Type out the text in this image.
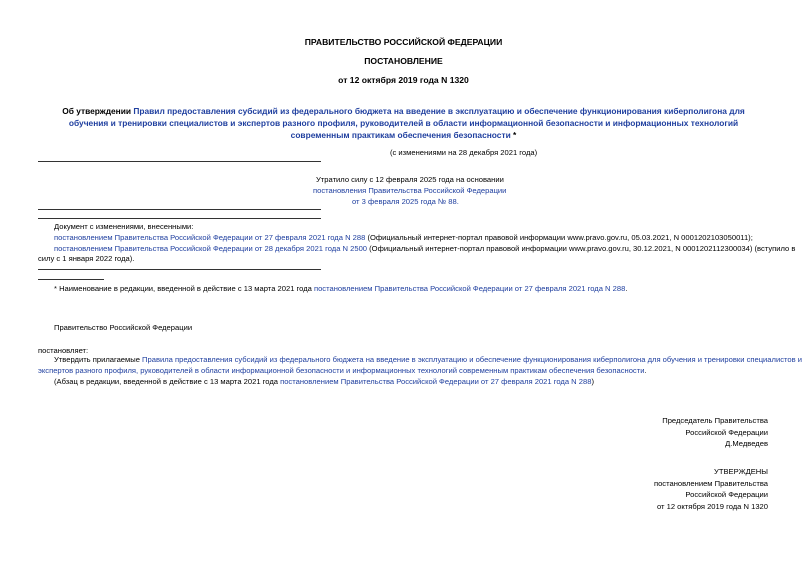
ПРАВИТЕЛЬСТВО РОССИЙСКОЙ ФЕДЕРАЦИИ
ПОСТАНОВЛЕНИЕ
от 12 октября 2019 года N 1320
Об утверждении Правил предоставления субсидий из федерального бюджета на введение в эксплуатацию и обеспечение функционирования киберполигона для
обучения и тренировки специалистов и экспертов разного профиля, руководителей в области информационной безопасности и информационных технологий
современным практикам обеспечения безопасности *
(с изменениями на 28 декабря 2021 года)
Утратило силу с 12 февраля 2025 года на основании
постановления Правительства Российской Федерации
от 3 февраля 2025 года № 88.
Документ с изменениями, внесенными:
постановлением Правительства Российской Федерации от 27 февраля 2021 года N 288 (Официальный интернет-портал правовой информации www.pravo.gov.ru, 05.03.2021, N 0001202103050011);
постановлением Правительства Российской Федерации от 28 декабря 2021 года N 2500 (Официальный интернет-портал правовой информации www.pravo.gov.ru, 30.12.2021, N 0001202112300034) (вступило в
силу с 1 января 2022 года).
* Наименование в редакции, введенной в действие с 13 марта 2021 года постановлением Правительства Российской Федерации от 27 февраля 2021 года N 288.
Правительство Российской Федерации
постановляет:
Утвердить прилагаемые Правила предоставления субсидий из федерального бюджета на введение в эксплуатацию и обеспечение функционирования киберполигона для обучения и тренировки специалистов и
экспертов разного профиля, руководителей в области информационной безопасности и информационных технологий современным практикам обеспечения безопасности.
(Абзац в редакции, введенной в действие с 13 марта 2021 года постановлением Правительства Российской Федерации от 27 февраля 2021 года N 288)
Председатель Правительства
Российской Федерации
Д.Медведев
УТВЕРЖДЕНЫ
постановлением Правительства
Российской Федерации
от 12 октября 2019 года N 1320
